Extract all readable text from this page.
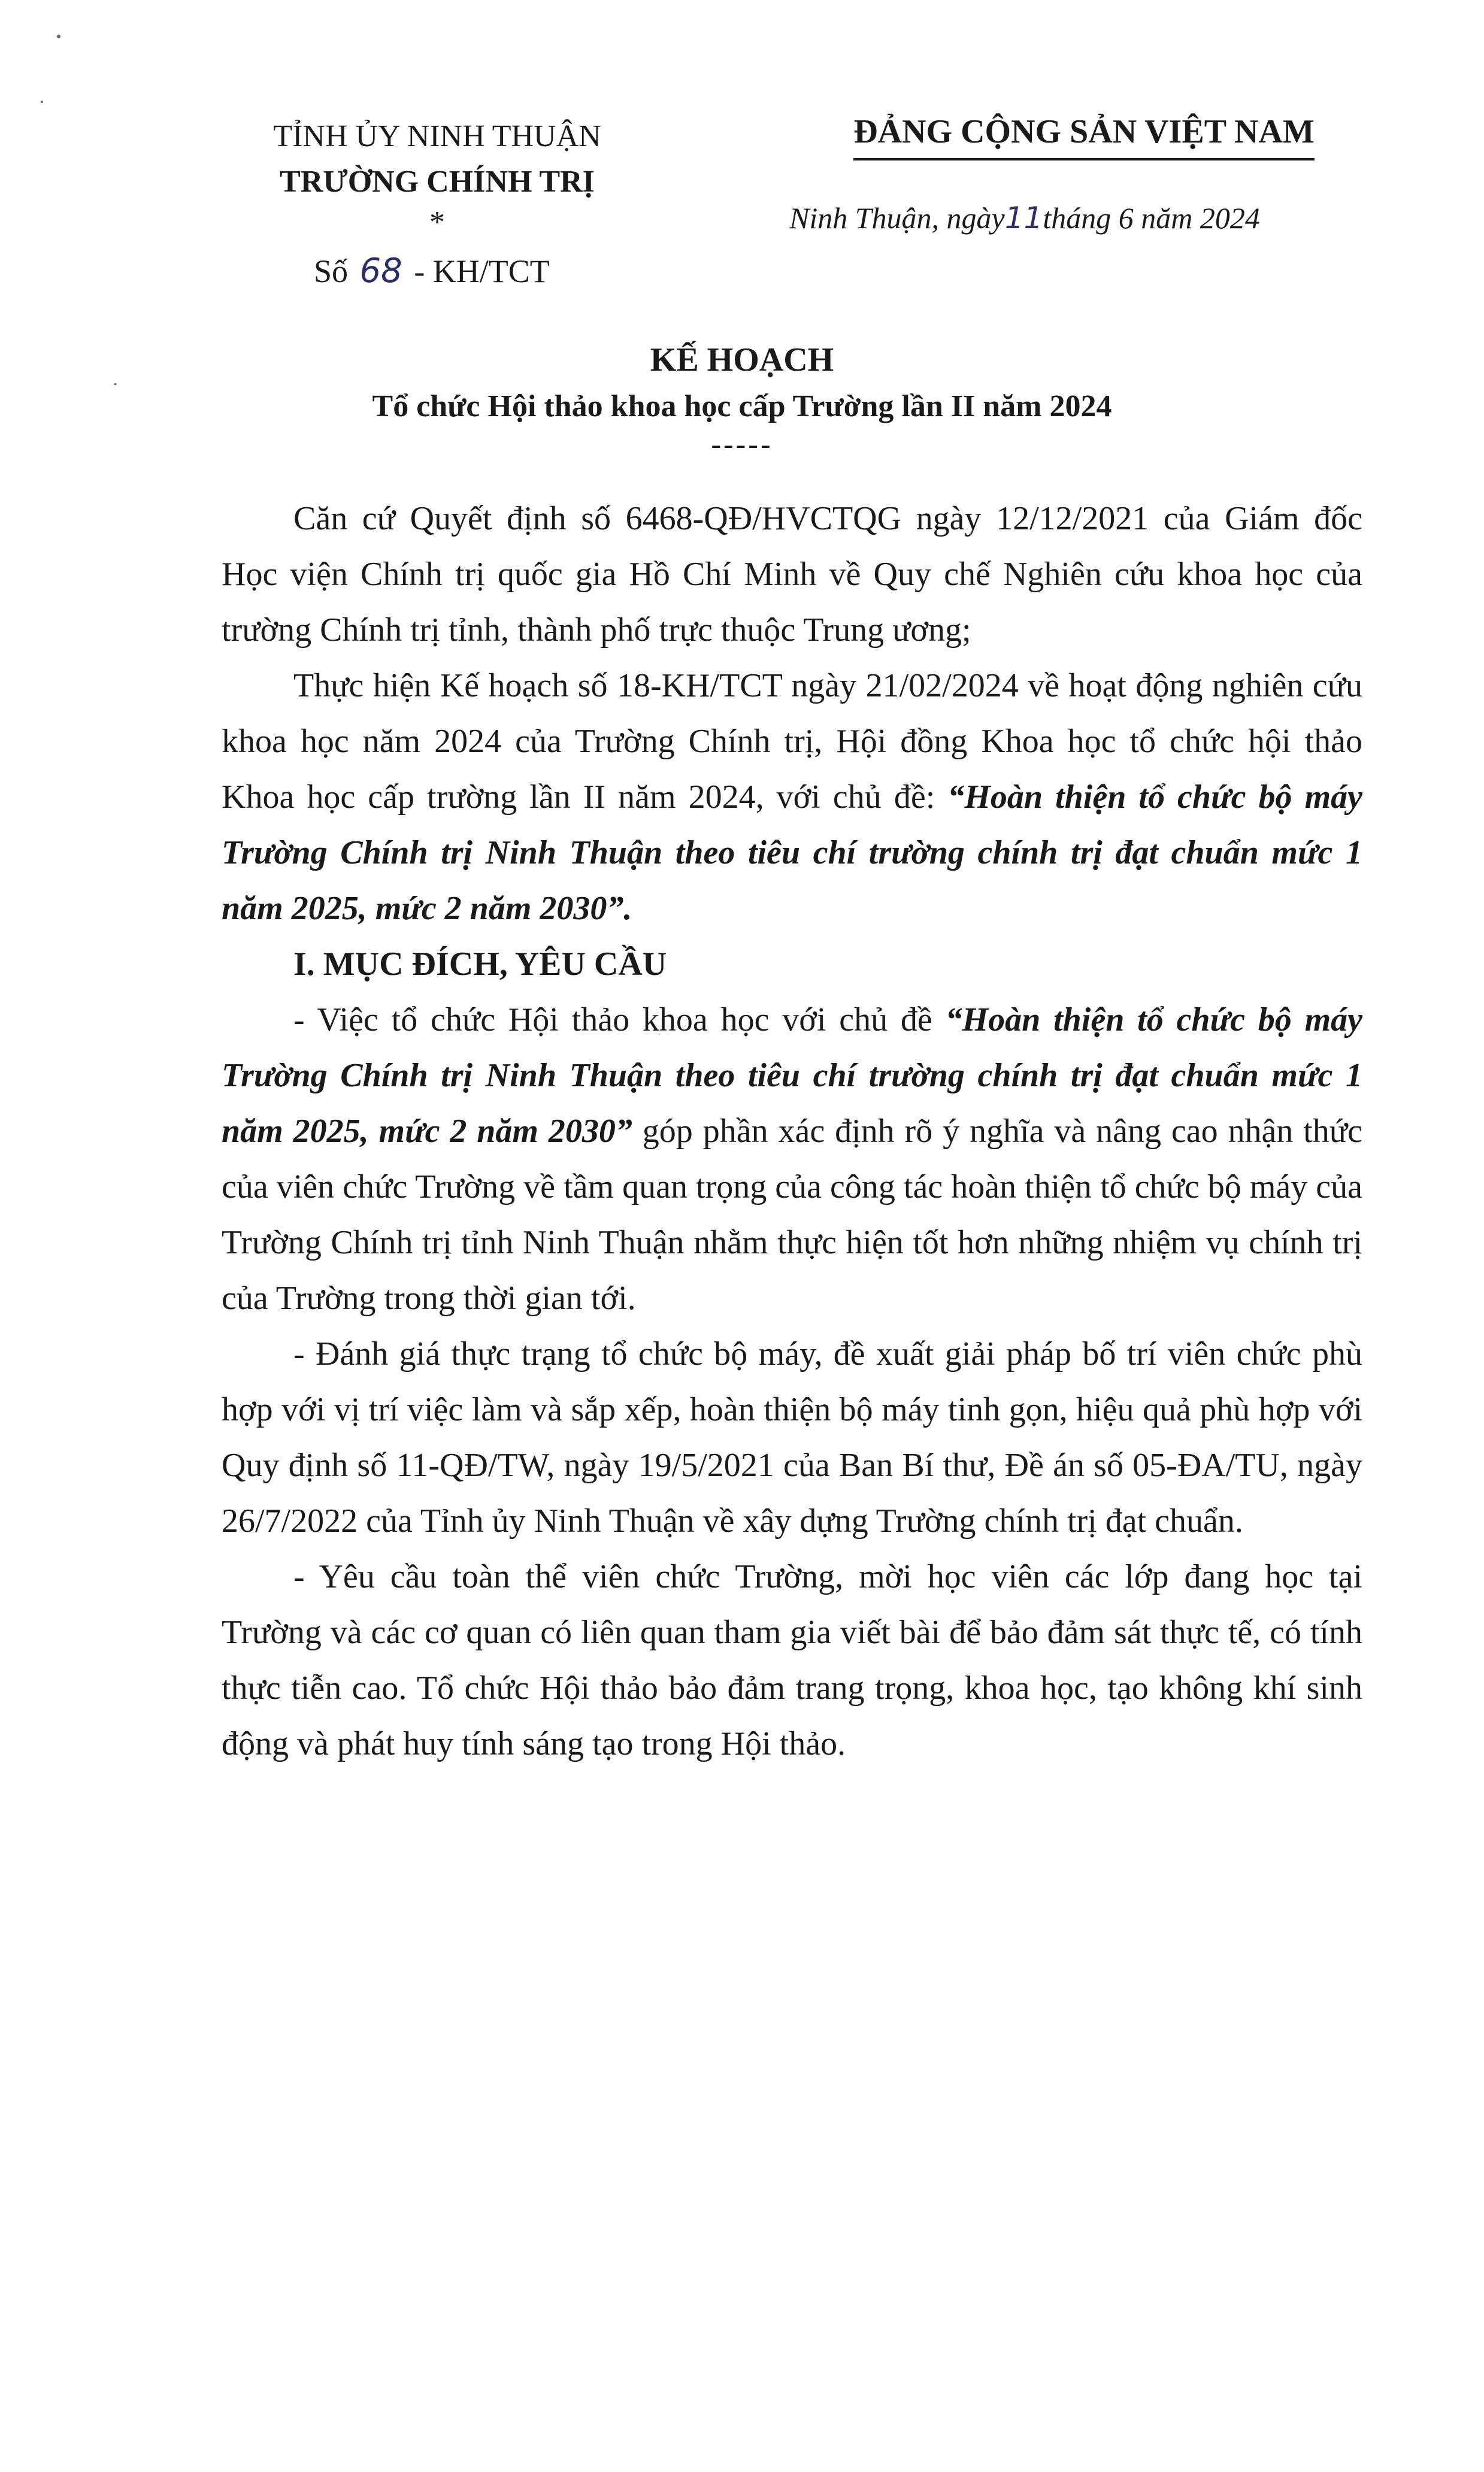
TỈNH ỦY NINH THUẬN
TRƯỜNG CHÍNH TRỊ
*
Số 68 - KH/TCT
ĐẢNG CỘNG SẢN VIỆT NAM
Ninh Thuận, ngày11tháng 6 năm 2024
KẾ HOẠCH
Tổ chức Hội thảo khoa học cấp Trường lần II năm 2024
-----

Căn cứ Quyết định số 6468-QĐ/HVCTQG ngày 12/12/2021 của Giám đốc Học viện Chính trị quốc gia Hồ Chí Minh về Quy chế Nghiên cứu khoa học của trường Chính trị tỉnh, thành phố trực thuộc Trung ương;

Thực hiện Kế hoạch số 18-KH/TCT ngày 21/02/2024 về hoạt động nghiên cứu khoa học năm 2024 của Trường Chính trị, Hội đồng Khoa học tổ chức hội thảo Khoa học cấp trường lần II năm 2024, với chủ đề: “Hoàn thiện tổ chức bộ máy Trường Chính trị Ninh Thuận theo tiêu chí trường chính trị đạt chuẩn mức 1 năm 2025, mức 2 năm 2030”.

I. MỤC ĐÍCH, YÊU CẦU

- Việc tổ chức Hội thảo khoa học với chủ đề “Hoàn thiện tổ chức bộ máy Trường Chính trị Ninh Thuận theo tiêu chí trường chính trị đạt chuẩn mức 1 năm 2025, mức 2 năm 2030” góp phần xác định rõ ý nghĩa và nâng cao nhận thức của viên chức Trường về tầm quan trọng của công tác hoàn thiện tổ chức bộ máy của Trường Chính trị tỉnh Ninh Thuận nhằm thực hiện tốt hơn những nhiệm vụ chính trị của Trường trong thời gian tới.

- Đánh giá thực trạng tổ chức bộ máy, đề xuất giải pháp bố trí viên chức phù hợp với vị trí việc làm và sắp xếp, hoàn thiện bộ máy tinh gọn, hiệu quả phù hợp với Quy định số 11-QĐ/TW, ngày 19/5/2021 của Ban Bí thư, Đề án số 05-ĐA/TU, ngày 26/7/2022 của Tỉnh ủy Ninh Thuận về xây dựng Trường chính trị đạt chuẩn.

- Yêu cầu toàn thể viên chức Trường, mời học viên các lớp đang học tại Trường và các cơ quan có liên quan tham gia viết bài để bảo đảm sát thực tế, có tính thực tiễn cao. Tổ chức Hội thảo bảo đảm trang trọng, khoa học, tạo không khí sinh động và phát huy tính sáng tạo trong Hội thảo.
